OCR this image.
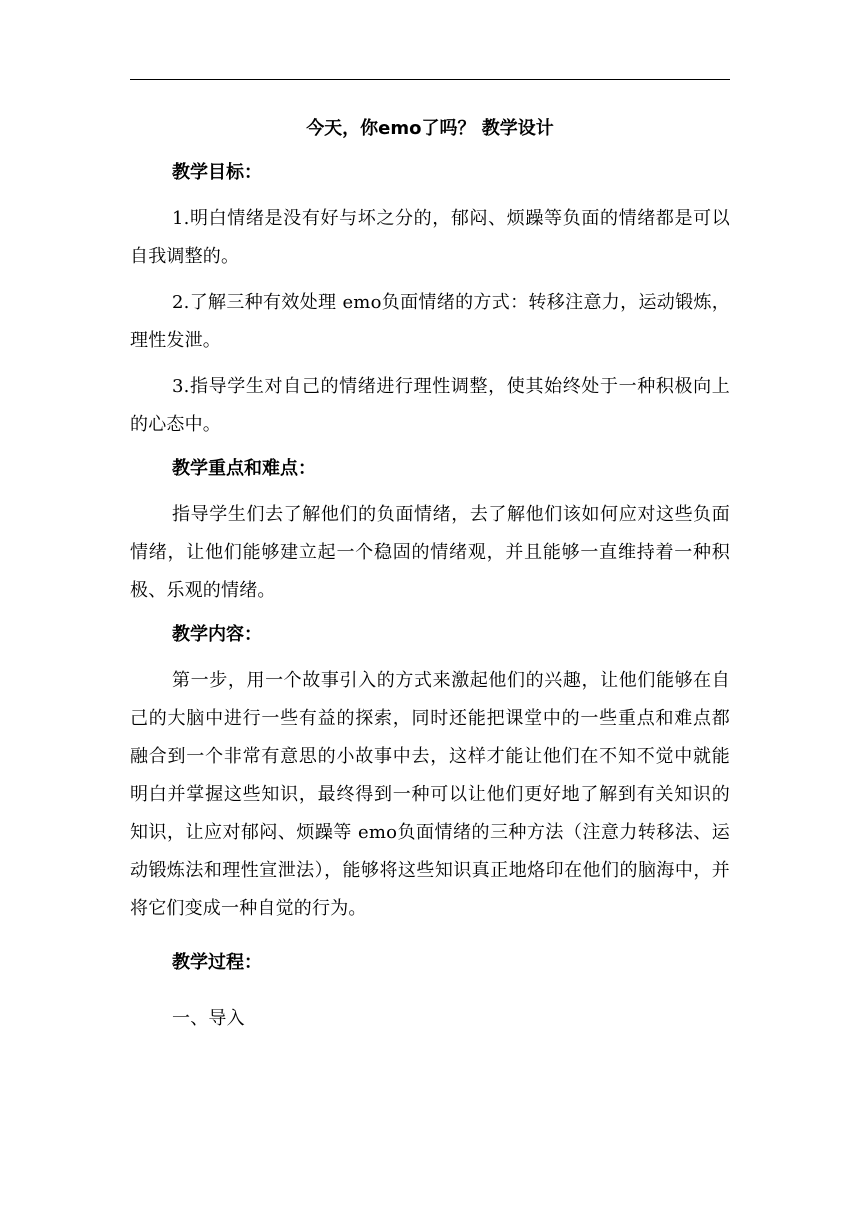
今天，你emo了吗？ 教学设计
教学目标：

1.明白情绪是没有好与坏之分的，郁闷、烦躁等负面的情绪都是可以自我调整的。

2.了解三种有效处理 emo负面情绪的方式：转移注意力，运动锻炼，理性发泄。

3.指导学生对自己的情绪进行理性调整，使其始终处于一种积极向上的心态中。

教学重点和难点：

指导学生们去了解他们的负面情绪，去了解他们该如何应对这些负面情绪，让他们能够建立起一个稳固的情绪观，并且能够一直维持着一种积极、乐观的情绪。

教学内容：

第一步，用一个故事引入的方式来激起他们的兴趣，让他们能够在自己的大脑中进行一些有益的探索，同时还能把课堂中的一些重点和难点都融合到一个非常有意思的小故事中去，这样才能让他们在不知不觉中就能明白并掌握这些知识，最终得到一种可以让他们更好地了解到有关知识的知识，让应对郁闷、烦躁等 emo负面情绪的三种方法（注意力转移法、运动锻炼法和理性宣泄法），能够将这些知识真正地烙印在他们的脑海中，并将它们变成一种自觉的行为。

教学过程：

一、导入
